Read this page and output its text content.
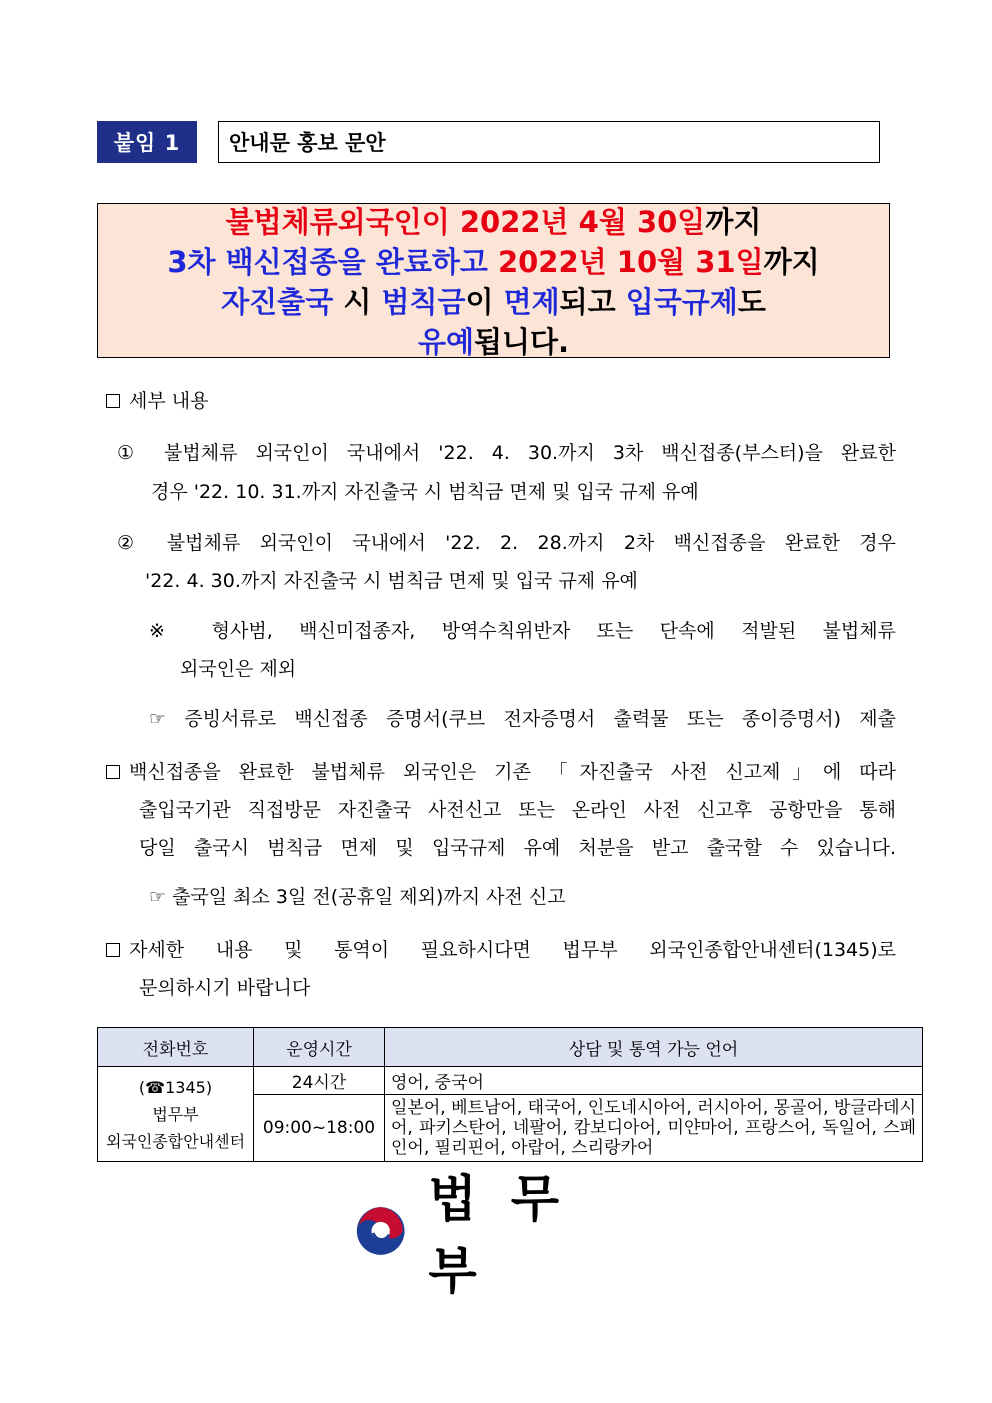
붙임 1	안내문 홍보 문안
불법체류외국인이 2022년 4월 30일까지
3차 백신접종을 완료하고 2022년 10월 31일까지
자진출국 시 범칙금이 면제되고 입국규제도
유예됩니다.
세부 내용
① 불법체류 외국인이 국내에서 '22. 4. 30.까지 3차 백신접종(부스터)을 완료한
경우 '22. 10. 31.까지 자진출국 시 범칙금 면제 및 입국 규제 유예
② 불법체류 외국인이 국내에서 '22. 2. 28.까지 2차 백신접종을 완료한 경우
'22. 4. 30.까지 자진출국 시 범칙금 면제 및 입국 규제 유예
※ 형사범, 백신미접종자, 방역수칙위반자 또는 단속에 적발된 불법체류
외국인은 제외
☞ 증빙서류로 백신접종 증명서(쿠브 전자증명서 출력물 또는 종이증명서) 제출
백신접종을 완료한 불법체류 외국인은 기존 「자진출국 사전 신고제」에 따라
출입국기관 직접방문 자진출국 사전신고 또는 온라인 사전 신고후 공항만을 통해
당일 출국시 범칙금 면제 및 입국규제 유예 처분을 받고 출국할 수 있습니다.
☞ 출국일 최소 3일 전(공휴일 제외)까지 사전 신고
자세한 내용 및 통역이 필요하시다면 법무부 외국인종합안내센터(1345)로
문의하시기 바랍니다
전화번호	운영시간	상담 및 통역 가능 언어

(☎1345)
법무부
외국인종합안내센터	24시간	영어, 중국어
	09:00~18:00	일본어, 베트남어, 태국어, 인도네시아어, 러시아어, 몽골어, 방글라데시어, 파키스탄어, 네팔어, 캄보디아어, 미얀마어, 프랑스어, 독일어, 스페인어, 필리핀어, 아랍어, 스리랑카어
법무부
